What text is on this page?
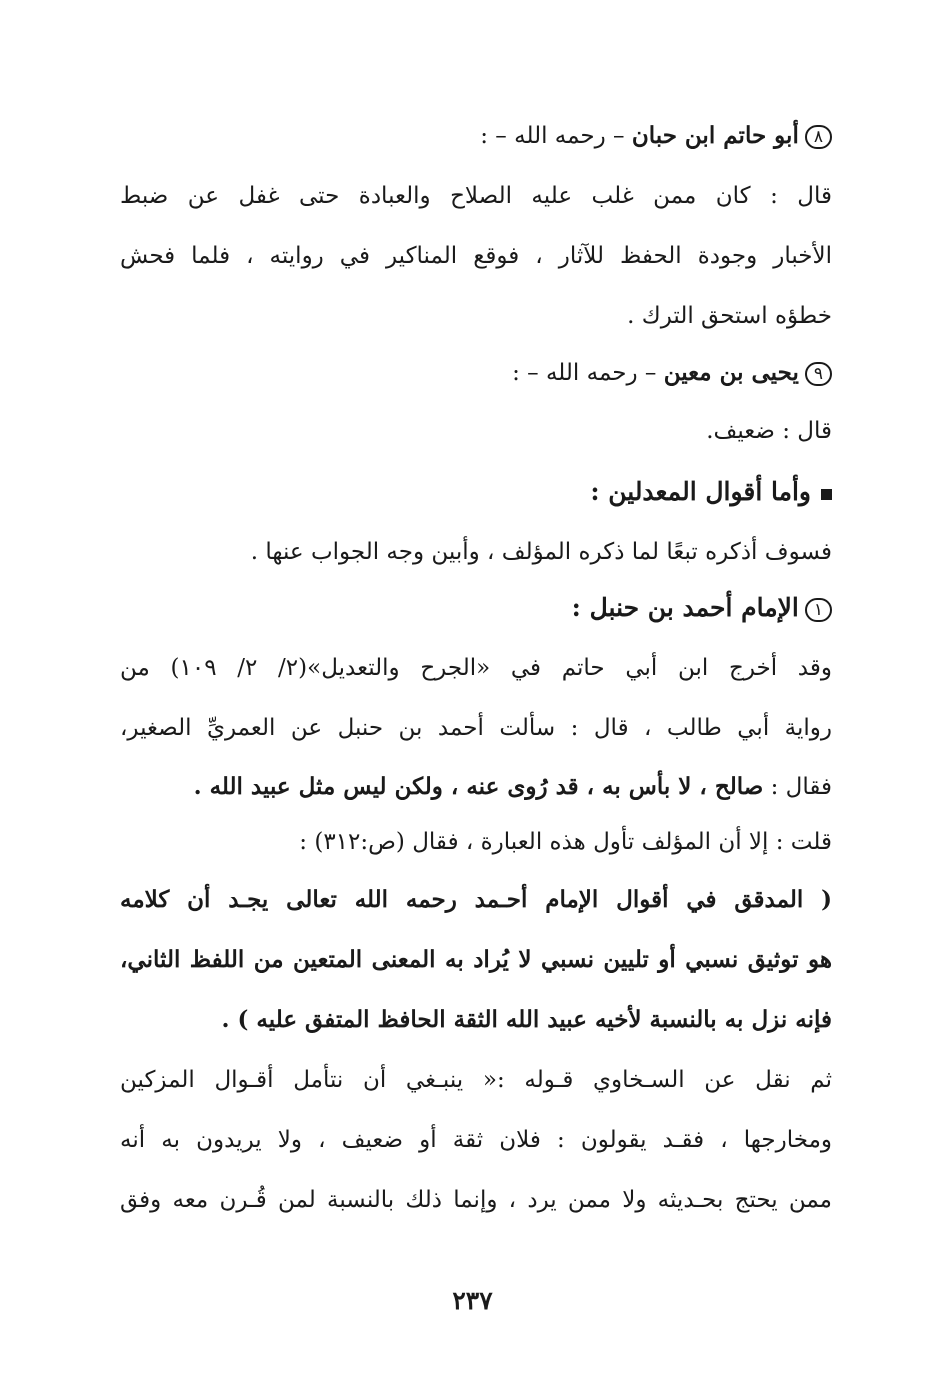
٨أبو حاتم ابن حبان – رحمه الله – :
قال : كان ممن غلب عليه الصلاح والعبادة حتى غفل عن ضبط
الأخبار وجودة الحفظ للآثار ، فوقع المناكير في روايته ، فلما فحش
خطؤه استحق الترك .
٩يحيى بن معين – رحمه الله – :
قال : ضعيف.
وأما أقوال المعدلين :
فسوف أذكره تبعًا لما ذكره المؤلف ، وأبين وجه الجواب عنها .
١الإمام أحمد بن حنبل :
وقد أخرج ابن أبي حاتم في «الجرح والتعديل»(٢/ ٢/ ١٠٩) من
رواية أبي طالب ، قال : سألت أحمد بن حنبل عن العمريِّ الصغير،
فقال : صالح ، لا بأس به ، قد رُوى عنه ، ولكن ليس مثل عبيد الله .
قلت : إلا أن المؤلف تأول هذه العبارة ، فقال (ص:٣١٢) :
( المدقق في أقوال الإمام أحـمد رحمه الله تعالى يجـد أن كلامه
هو توثيق نسبي أو تليين نسبي لا يُراد به المعنى المتعين من اللفظ الثاني،
فإنه نزل به بالنسبة لأخيه عبيد الله الثقة الحافظ المتفق عليه ) .
ثم نقل عن السـخاوي قـوله :« ينبـغي أن نتأمل أقـوال المزكين
ومخارجها ، فقـد يقولون : فلان ثقة أو ضعيف ، ولا يريدون به أنه
ممن يحتج بحـديثه ولا ممن يرد ، وإنما ذلك بالنسبة لمن قُـرن معه وفق
٢٣٧
